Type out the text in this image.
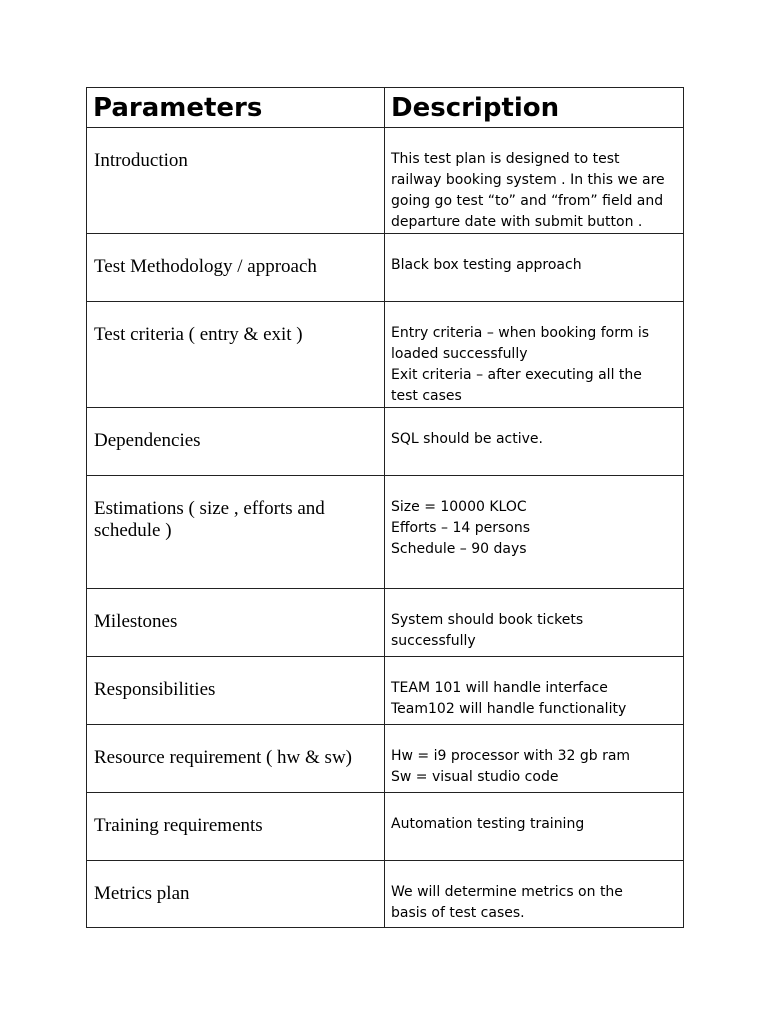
Parameters	Description

Introduction	This test plan is designed to test
railway booking system . In this we are
going go test “to” and “from” field and
departure date with submit button .

Test Methodology / approach	Black box testing approach

Test criteria ( entry & exit )	Entry criteria – when booking form is
loaded successfully
Exit criteria – after executing all the
test cases

Dependencies	SQL should be active.

Estimations ( size , efforts and schedule )	Size = 10000 KLOC
Efforts – 14 persons
Schedule – 90 days

Milestones	System should book tickets
successfully

Responsibilities	TEAM 101 will handle interface
Team102 will handle functionality

Resource requirement ( hw & sw)	Hw = i9 processor with 32 gb ram
Sw = visual studio code

Training requirements	Automation testing training

Metrics plan	We will determine metrics on the
basis of test cases.
